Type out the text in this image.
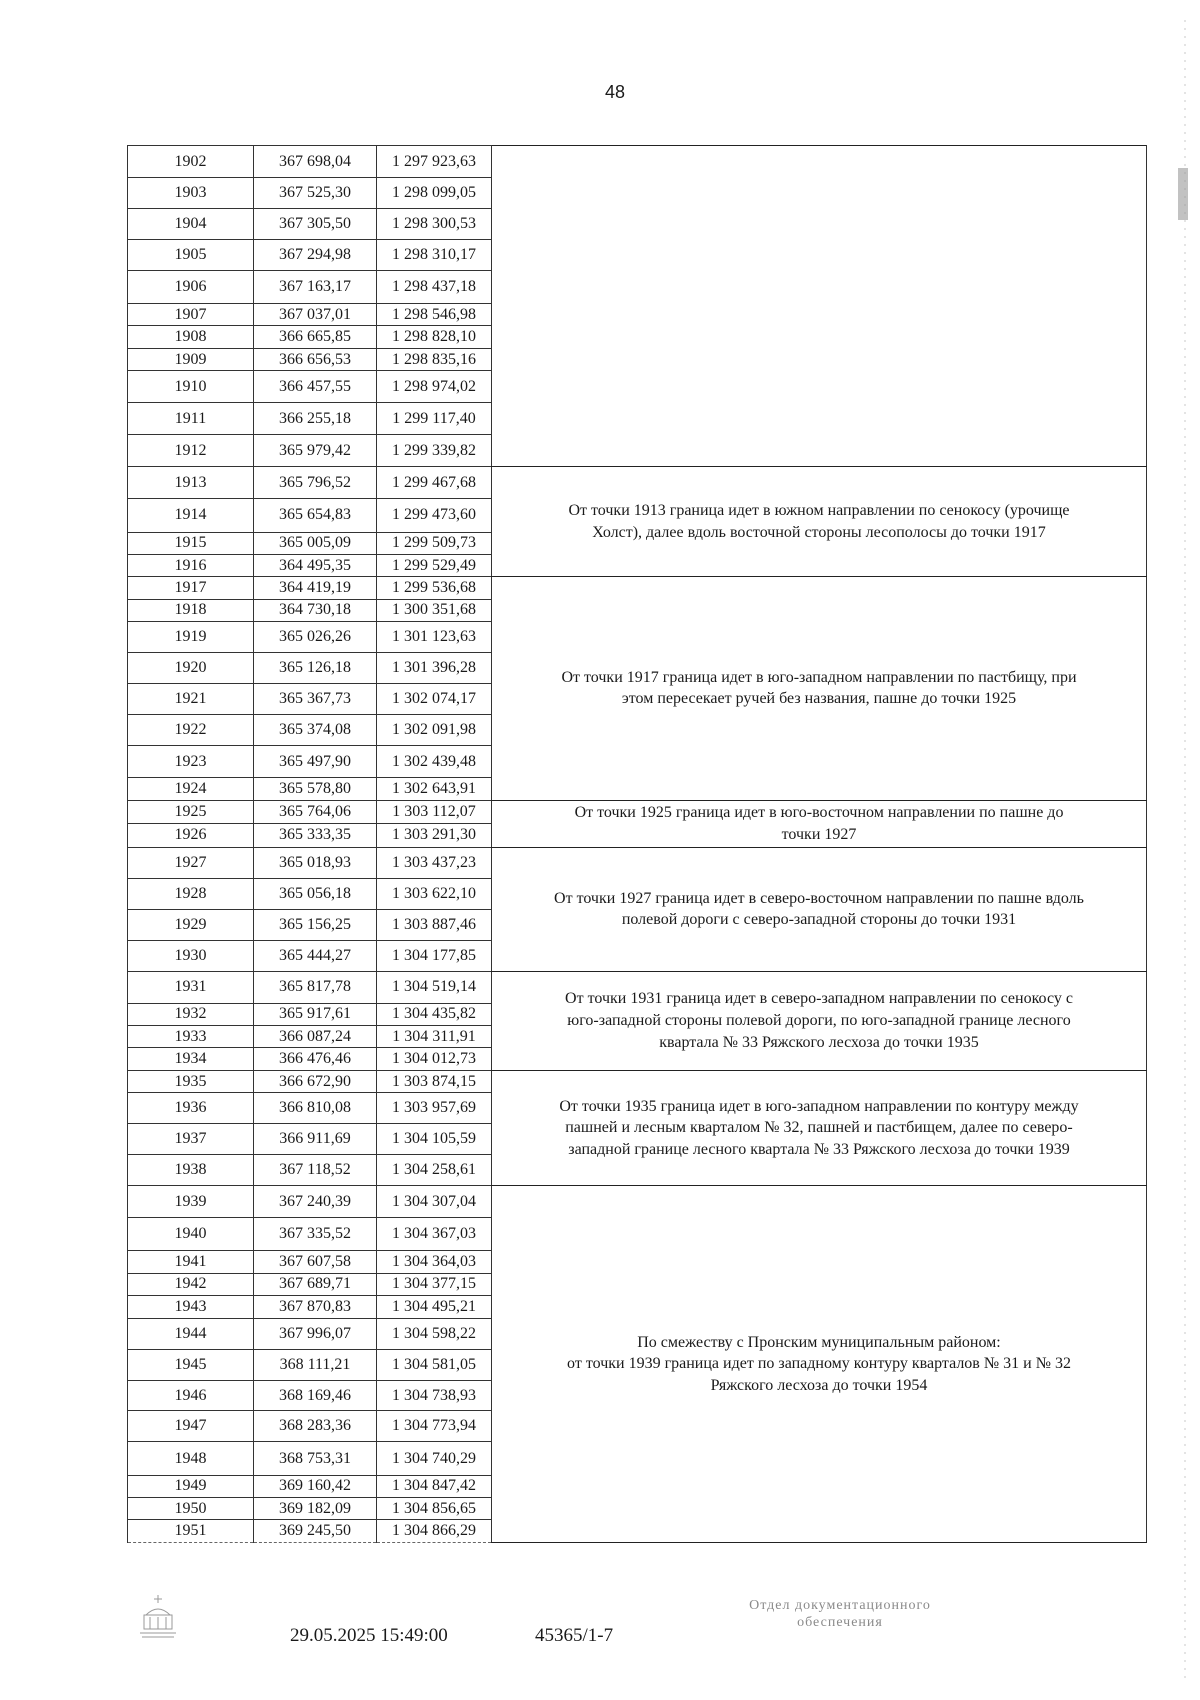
48
1902	367 698,04	1 297 923,63	
1903	367 525,30	1 298 099,05	
1904	367 305,50	1 298 300,53	
1905	367 294,98	1 298 310,17	
1906	367 163,17	1 298 437,18	
1907	367 037,01	1 298 546,98	
1908	366 665,85	1 298 828,10	
1909	366 656,53	1 298 835,16	
1910	366 457,55	1 298 974,02	
1911	366 255,18	1 299 117,40	
1912	365 979,42	1 299 339,82	
1913	365 796,52	1 299 467,68	От точки 1913 граница идет в южном направлении по сенокосу (урочище
Холст), далее вдоль восточной стороны лесополосы до точки 1917

1914	365 654,83	1 299 473,60	
1915	365 005,09	1 299 509,73	
1916	364 495,35	1 299 529,49	
1917	364 419,19	1 299 536,68	От точки 1917 граница идет в юго-западном направлении по пастбищу, при
этом пересекает ручей без названия, пашне до точки 1925

1918	364 730,18	1 300 351,68	
1919	365 026,26	1 301 123,63	
1920	365 126,18	1 301 396,28	
1921	365 367,73	1 302 074,17	
1922	365 374,08	1 302 091,98	
1923	365 497,90	1 302 439,48	
1924	365 578,80	1 302 643,91	
1925	365 764,06	1 303 112,07	От точки 1925 граница идет в юго-восточном направлении по пашне до
точки 1927

1926	365 333,35	1 303 291,30	
1927	365 018,93	1 303 437,23	От точки 1927 граница идет в северо-восточном направлении по пашне вдоль
полевой дороги с северо-западной стороны до точки 1931

1928	365 056,18	1 303 622,10	
1929	365 156,25	1 303 887,46	
1930	365 444,27	1 304 177,85	
1931	365 817,78	1 304 519,14	От точки 1931 граница идет в северо-западном направлении по сенокосу с
юго-западной стороны полевой дороги, по юго-западной границе лесного
квартала № 33 Ряжского лесхоза до точки 1935

1932	365 917,61	1 304 435,82	
1933	366 087,24	1 304 311,91	
1934	366 476,46	1 304 012,73	
1935	366 672,90	1 303 874,15	От точки 1935 граница идет в юго-западном направлении по контуру между
пашней и лесным кварталом № 32, пашней и пастбищем, далее по северо-
западной границе лесного квартала № 33 Ряжского лесхоза до точки 1939

1936	366 810,08	1 303 957,69	
1937	366 911,69	1 304 105,59	
1938	367 118,52	1 304 258,61	
1939	367 240,39	1 304 307,04	По смежеству с Пронским муниципальным районом:
от точки 1939 граница идет по западному контуру кварталов № 31 и № 32
Ряжского лесхоза до точки 1954

1940	367 335,52	1 304 367,03	
1941	367 607,58	1 304 364,03	
1942	367 689,71	1 304 377,15	
1943	367 870,83	1 304 495,21	
1944	367 996,07	1 304 598,22	
1945	368 111,21	1 304 581,05	
1946	368 169,46	1 304 738,93	
1947	368 283,36	1 304 773,94	
1948	368 753,31	1 304 740,29	
1949	369 160,42	1 304 847,42	
1950	369 182,09	1 304 856,65	
1951	369 245,50	1 304 866,29	
29.05.2025 15:49:00	45365/1-7
Отдел документационного
обеспечения
